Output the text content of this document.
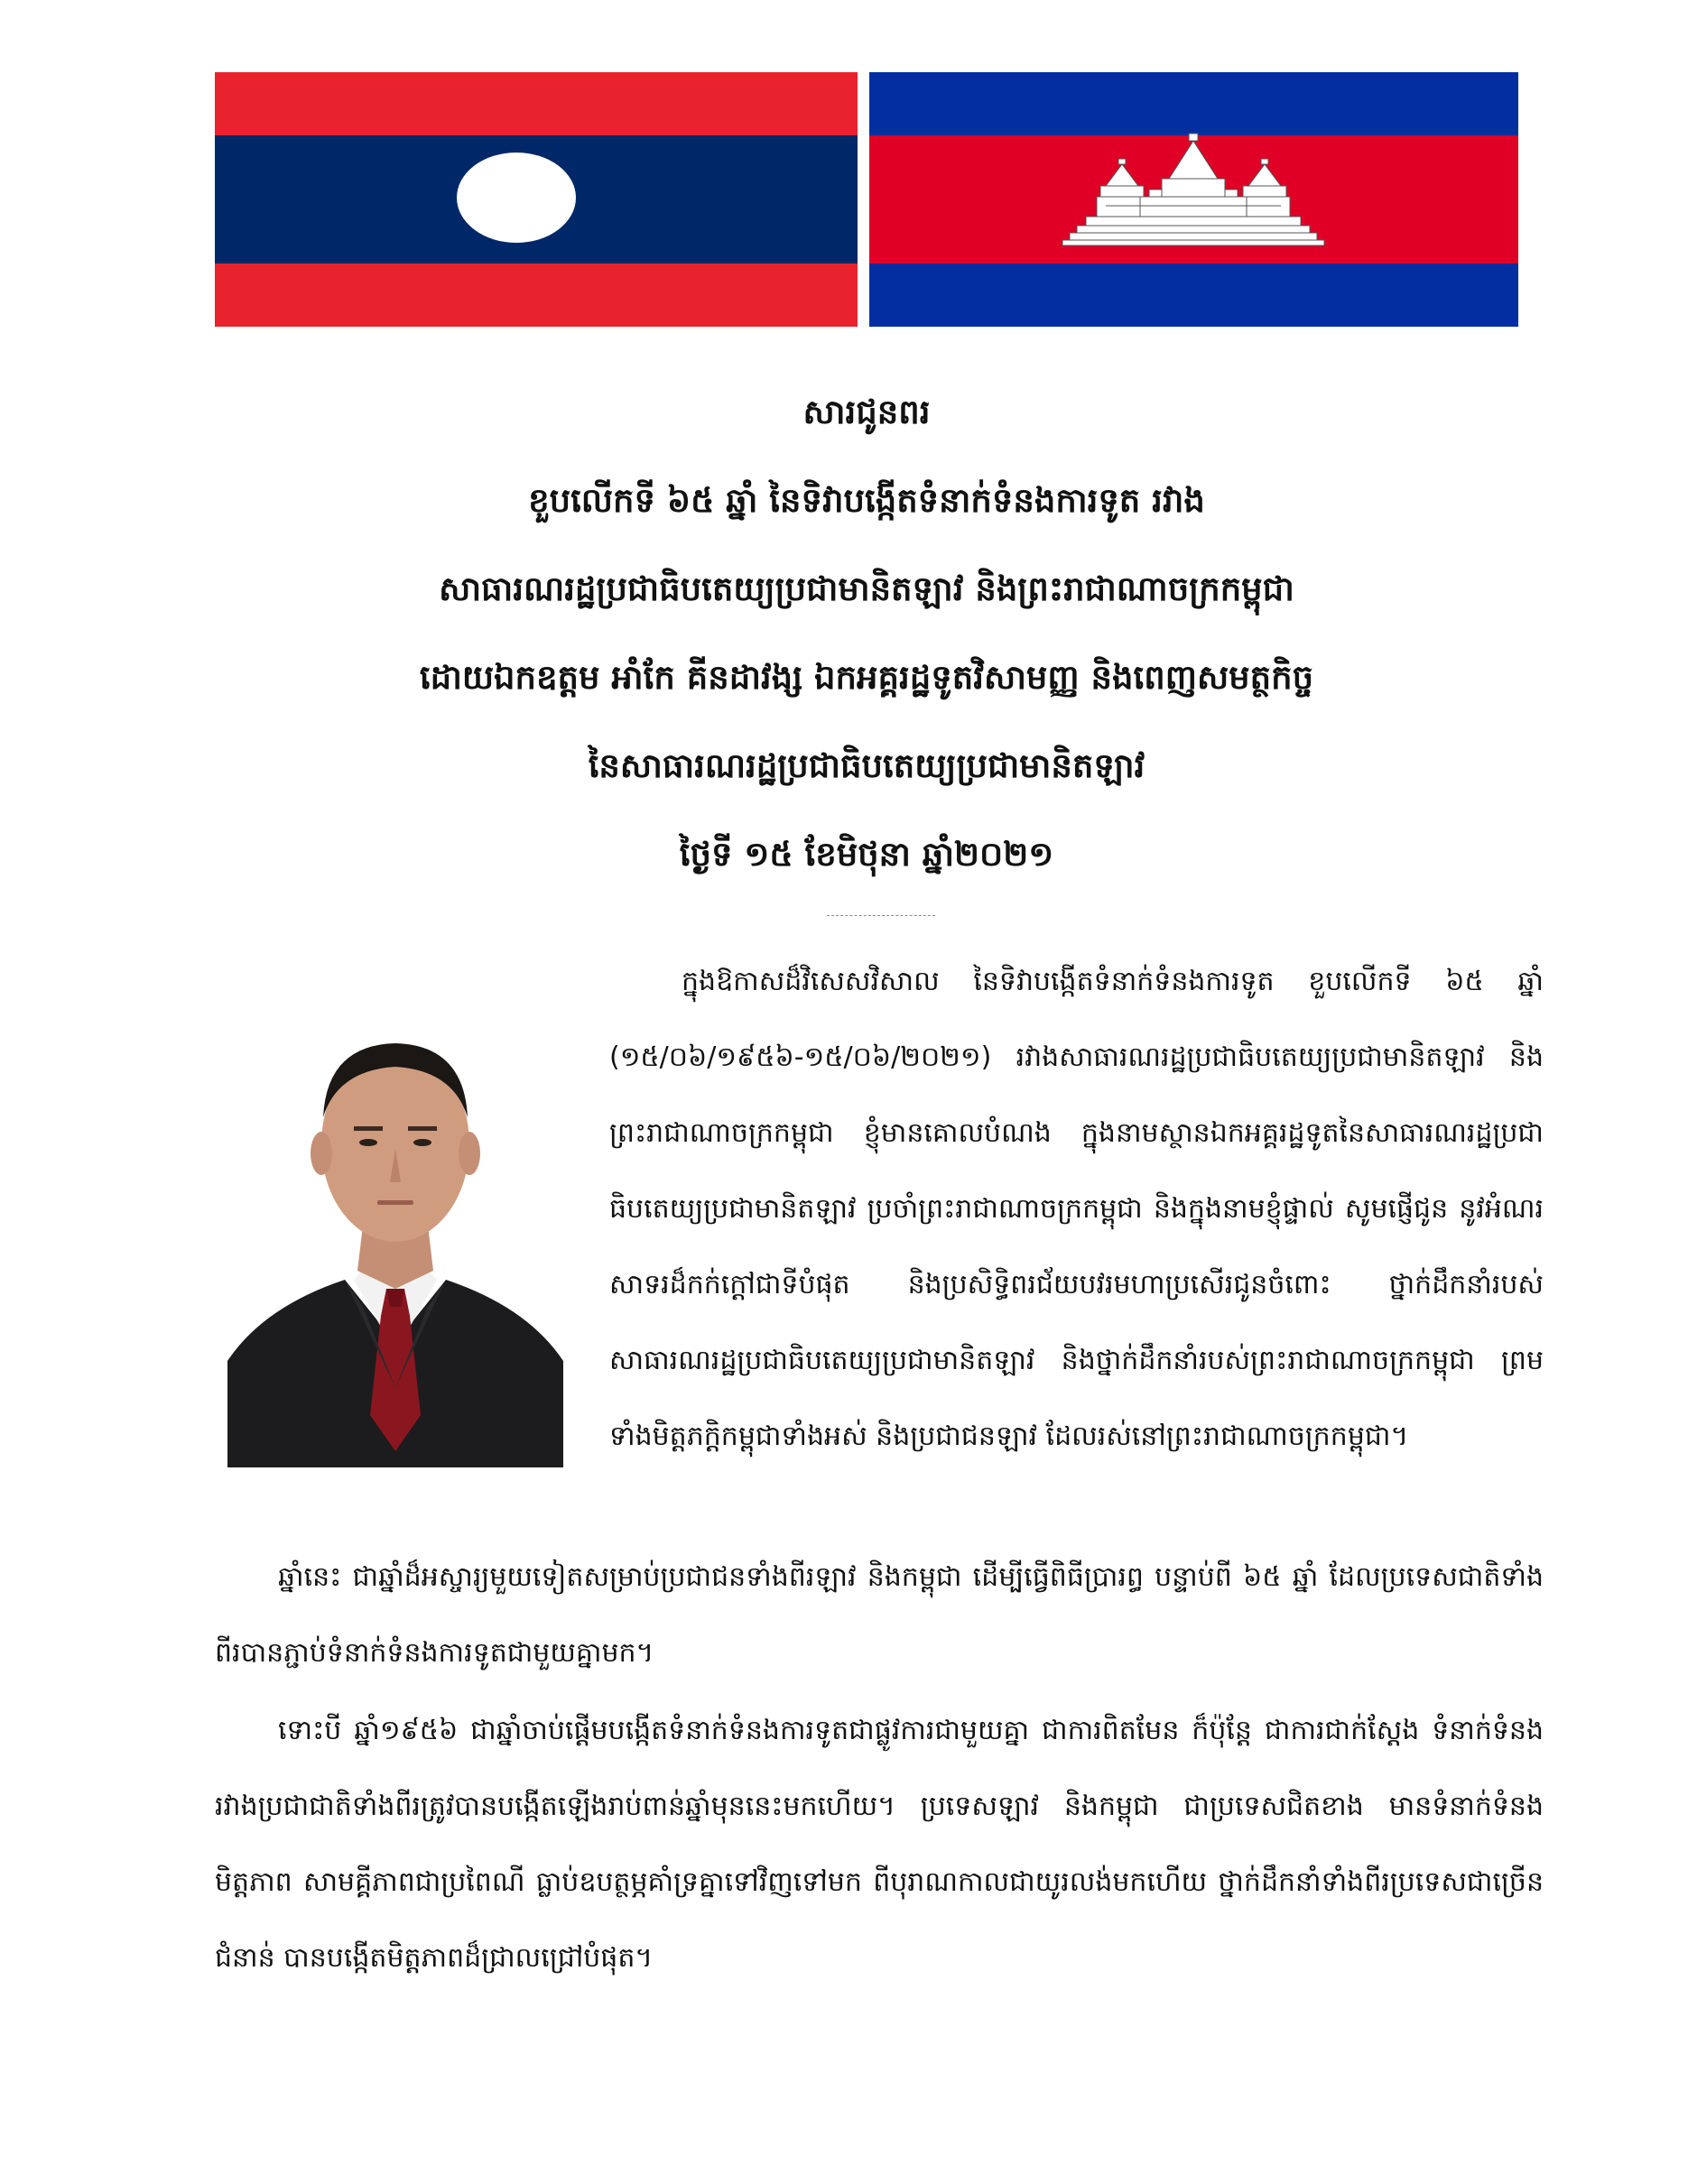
សារជូនពរ
ខួបលើកទី ៦៥ ឆ្នាំ នៃទិវាបង្កើតទំនាក់ទំនងការទូត រវាង
សាធារណរដ្ឋប្រជាធិបតេយ្យប្រជាមានិតឡាវ និងព្រះរាជាណាចក្រកម្ពុជា
ដោយឯកឧត្តម អាំកែ គីនដាវង្ស ឯកអគ្គរដ្ឋទូតវិសាមញ្ញ និងពេញសមត្ថកិច្ច
នៃសាធារណរដ្ឋប្រជាធិបតេយ្យប្រជាមានិតឡាវ
ថ្ងៃទី ១៥ ខែមិថុនា ឆ្នាំ២០២១

ក្នុងឱកាសដ៏វិសេសវិសាល នៃទិវាបង្កើតទំនាក់ទំនងការទូត ខួបលើកទី ៦៥ ឆ្នាំ (១៥/០៦/១៩៥៦-១៥/០៦/២០២១) រវាងសាធារណរដ្ឋប្រជាធិបតេយ្យប្រជាមានិតឡាវ និងព្រះរាជាណាចក្រកម្ពុជា ខ្ញុំមានគោលបំណង ក្នុងនាមស្ថានឯកអគ្គរដ្ឋទូតនៃសាធារណរដ្ឋប្រជាធិបតេយ្យប្រជាមានិតឡាវ ប្រចាំព្រះរាជាណាចក្រកម្ពុជា និងក្នុងនាមខ្ញុំផ្ទាល់ សូមផ្ញើជូន នូវអំណរសាទរដ៏កក់ក្តៅជាទីបំផុត និងប្រសិទ្ធិពរជ័យបវរមហាប្រសើរជូនចំពោះ ថ្នាក់ដឹកនាំរបស់ សាធារណរដ្ឋប្រជាធិបតេយ្យប្រជាមានិតឡាវ និងថ្នាក់ដឹកនាំរបស់ព្រះរាជាណាចក្រកម្ពុជា ព្រមទាំងមិត្តភក្តិកម្ពុជាទាំងអស់ និងប្រជាជនឡាវ ដែលរស់នៅព្រះរាជាណាចក្រកម្ពុជា។

ឆ្នាំនេះ ជាឆ្នាំដ៏អស្ចារ្យមួយទៀតសម្រាប់ប្រជាជនទាំងពីរឡាវ និងកម្ពុជា ដើម្បីធ្វើពិធីប្រារព្ធ បន្ទាប់ពី ៦៥ ឆ្នាំ ដែលប្រទេសជាតិទាំងពីរបានភ្ជាប់ទំនាក់ទំនងការទូតជាមួយគ្នាមក។

ទោះបី ឆ្នាំ១៩៥៦ ជាឆ្នាំចាប់ផ្តើមបង្កើតទំនាក់ទំនងការទូតជាផ្លូវការជាមួយគ្នា ជាការពិតមែន ក៏ប៉ុន្តែ ជាការជាក់ស្តែង ទំនាក់ទំនងរវាងប្រជាជាតិទាំងពីរត្រូវបានបង្កើតឡើងរាប់ពាន់ឆ្នាំមុននេះមកហើយ។ ប្រទេសឡាវ និងកម្ពុជា ជាប្រទេសជិតខាង មានទំនាក់ទំនងមិត្តភាព សាមគ្គីភាពជាប្រពៃណី ធ្លាប់ឧបត្ថម្ភគាំទ្រគ្នាទៅវិញទៅមក ពីបុរាណកាលជាយូរលង់មកហើយ ថ្នាក់ដឹកនាំទាំងពីរប្រទេសជាច្រើនជំនាន់ បានបង្កើតមិត្តភាពដ៏ជ្រាលជ្រៅបំផុត។
